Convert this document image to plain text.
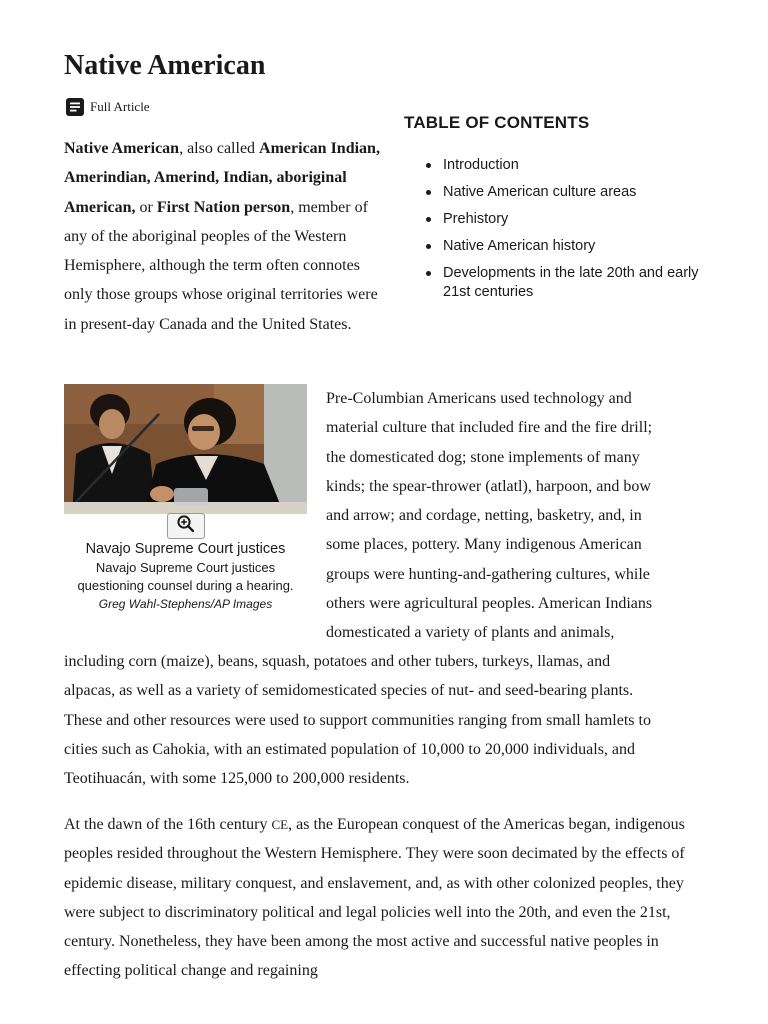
Native American
Full Article

Native American, also called American Indian, Amerindian, Amerind, Indian, aboriginal American, or First Nation person, member of any of the aboriginal peoples of the Western Hemisphere, although the term often connotes only those groups whose original territories were in present-day Canada and the United States.

TABLE OF CONTENTS
Introduction
Native American culture areas
Prehistory
Native American history
Developments in the late 20th and early 21st centuries
Navajo Supreme Court justices
Navajo Supreme Court justices questioning counsel during a hearing.
Greg Wahl-Stephens/AP Images
Pre-Columbian Americans used technology and
material culture that included fire and the fire drill;
the domesticated dog; stone implements of many
kinds; the spear-thrower (atlatl), harpoon, and bow
and arrow; and cordage, netting, basketry, and, in
some places, pottery. Many indigenous American
groups were hunting-and-gathering cultures, while
others were agricultural peoples. American Indians
domesticated a variety of plants and animals,
including corn (maize), beans, squash, potatoes and other tubers, turkeys, llamas, and
alpacas, as well as a variety of semidomesticated species of nut- and seed-bearing plants.
These and other resources were used to support communities ranging from small hamlets to
cities such as Cahokia, with an estimated population of 10,000 to 20,000 individuals, and
Teotihuacán, with some 125,000 to 200,000 residents.

At the dawn of the 16th century CE, as the European conquest of the Americas began, indigenous peoples resided throughout the Western Hemisphere. They were soon decimated by the effects of epidemic disease, military conquest, and enslavement, and, as with other colonized peoples, they were subject to discriminatory political and legal policies well into the 20th, and even the 21st, century. Nonetheless, they have been among the most active and successful native peoples in effecting political change and regaining
